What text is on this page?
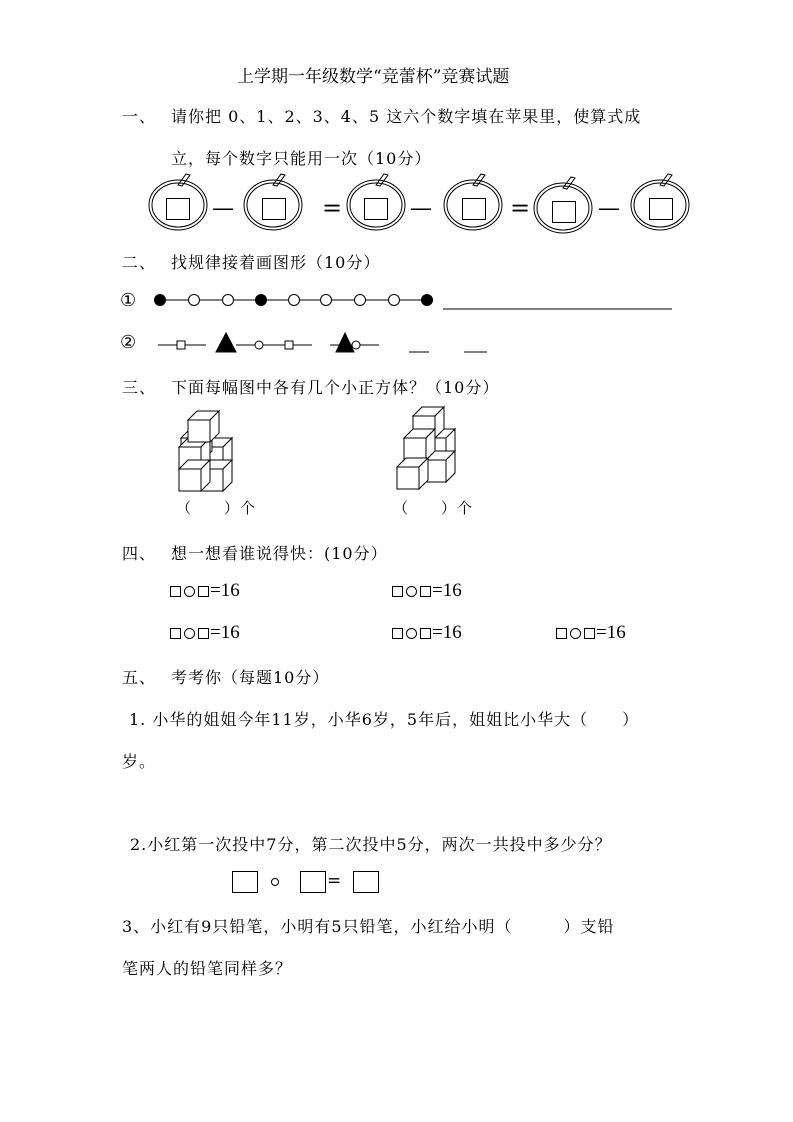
上学期一年级数学“竞蕾杯”竞赛试题
一、 请你把 0、1、2、3、4、5 这六个数字填在苹果里，使算式成
立，每个数字只能用一次（10分）
—	=	—	=	—
二、 找规律接着画图形（10分）
①
②
三、 下面每幅图中各有几个小正方体？（10分）
（　　）个	（　　）个
四、 想一想看谁说得快：(10分）
=16	=16
=16	=16	=16
五、 考考你（每题10分）
1. 小华的姐姐今年11岁，小华6岁，5年后，姐姐比小华大（　　）
岁。
2.小红第一次投中7分，第二次投中5分，两次一共投中多少分？
=
3、小红有9只铅笔，小明有5只铅笔，小红给小明（　　　）支铅
笔两人的铅笔同样多？
